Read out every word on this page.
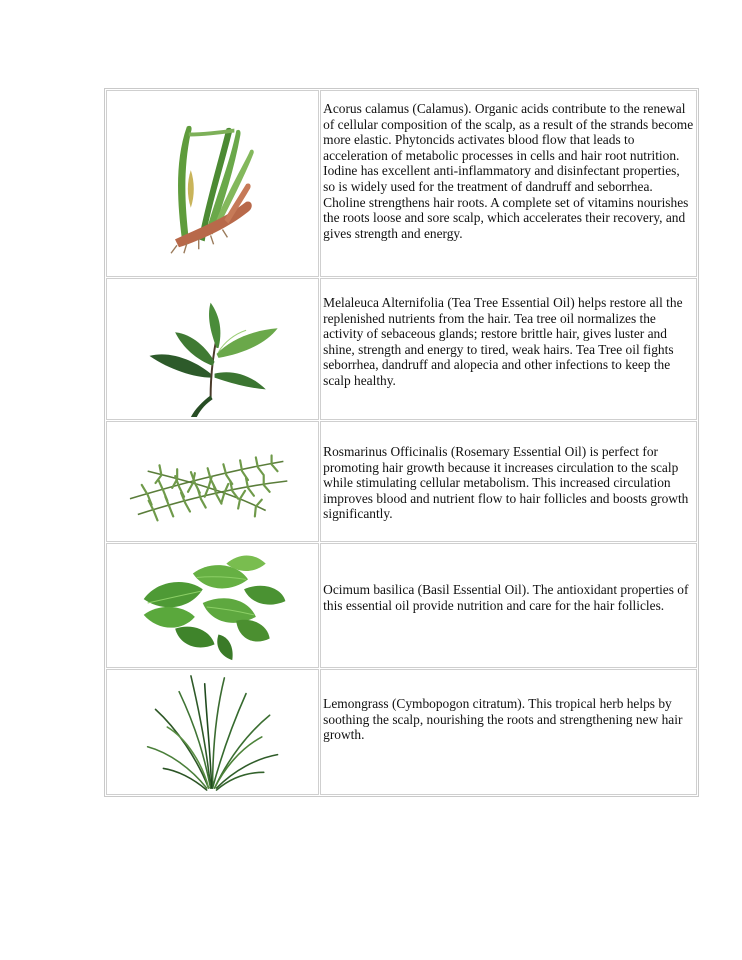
Acorus calamus (Calamus). Organic acids contribute to the renewal of cellular composition of the scalp, as a result of the strands become more elastic. Phytoncids activates blood flow that leads to acceleration of metabolic processes in cells and hair root nutrition. Iodine has excellent anti-inflammatory and disinfectant properties, so is widely used for the treatment of dandruff and seborrhea. Choline strengthens hair roots. A complete set of vitamins nourishes the roots loose and sore scalp, which accelerates their recovery, and gives strength and energy.

Melaleuca Alternifolia (Tea Tree Essential Oil) helps restore all the replenished nutrients from the hair. Tea tree oil normalizes the activity of sebaceous glands; restore brittle hair, gives luster and shine, strength and energy to tired, weak hairs. Tea Tree oil fights seborrhea, dandruff and alopecia and other infections to keep the scalp healthy.

Rosmarinus Officinalis (Rosemary Essential Oil) is perfect for promoting hair growth because it increases circulation to the scalp while stimulating cellular metabolism. This increased circulation improves blood and nutrient flow to hair follicles and boosts growth significantly.

Ocimum basilica (Basil Essential Oil). The antioxidant properties of this essential oil provide nutrition and care for the hair follicles.

Lemongrass (Cymbopogon citratum). This tropical herb helps by soothing the scalp, nourishing the roots and strengthening new hair growth.
